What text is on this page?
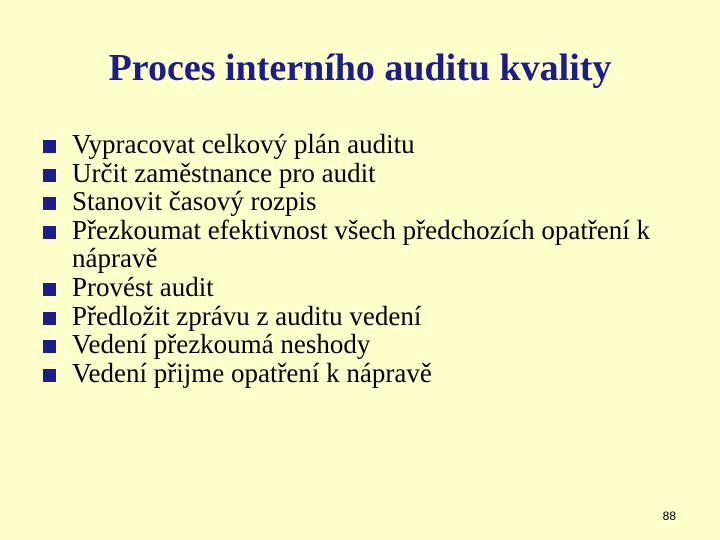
Proces interního auditu kvality
Vypracovat celkový plán auditu
Určit zaměstnance pro audit
Stanovit časový rozpis
Přezkoumat efektivnost všech předchozích opatření k nápravě
Provést audit
Předložit zprávu z auditu vedení
Vedení přezkoumá neshody
Vedení přijme opatření k nápravě
88
